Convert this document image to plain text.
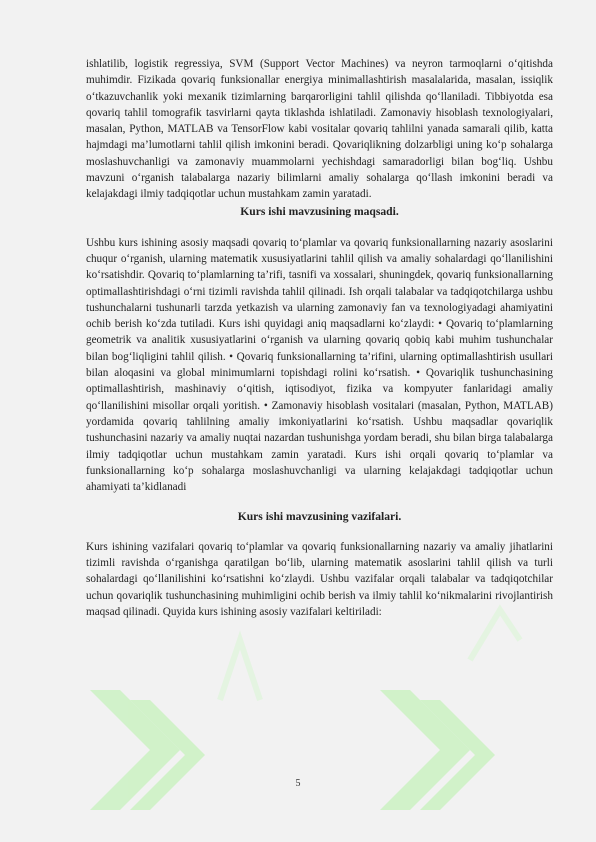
ishlatilib, logistik regressiya, SVM (Support Vector Machines) va neyron tarmoqlarni o‘qitishda muhimdir. Fizikada qovariq funksionallar energiya minimallashtirish masalalarida, masalan, issiqlik o‘tkazuvchanlik yoki mexanik tizimlarning barqarorligini tahlil qilishda qo‘llaniladi. Tibbiyotda esa qovariq tahlil tomografik tasvirlarni qayta tiklashda ishlatiladi. Zamonaviy hisoblash texnologiyalari, masalan, Python, MATLAB va TensorFlow kabi vositalar qovariq tahlilni yanada samarali qilib, katta hajmdagi ma’lumotlarni tahlil qilish imkonini beradi. Qovariqlikning dolzarbligi uning ko‘p sohalarga moslashuvchanligi va zamonaviy muammolarni yechishdagi samaradorligi bilan bog‘liq. Ushbu mavzuni o‘rganish talabalarga nazariy bilimlarni amaliy sohalarga qo‘llash imkonini beradi va kelajakdagi ilmiy tadqiqotlar uchun mustahkam zamin yaratadi.

Kurs ishi mavzusining maqsadi.

Ushbu kurs ishining asosiy maqsadi qovariq to‘plamlar va qovariq funksionallarning nazariy asoslarini chuqur o‘rganish, ularning matematik xususiyatlarini tahlil qilish va amaliy sohalardagi qo‘llanilishini ko‘rsatishdir. Qovariq to‘plamlarning ta’rifi, tasnifi va xossalari, shuningdek, qovariq funksionallarning optimallashtirishdagi o‘rni tizimli ravishda tahlil qilinadi. Ish orqali talabalar va tadqiqotchilarga ushbu tushunchalarni tushunarli tarzda yetkazish va ularning zamonaviy fan va texnologiyadagi ahamiyatini ochib berish ko‘zda tutiladi. Kurs ishi quyidagi aniq maqsadlarni ko‘zlaydi: • Qovariq to‘plamlarning geometrik va analitik xususiyatlarini o‘rganish va ularning qovariq qobiq kabi muhim tushunchalar bilan bog‘liqligini tahlil qilish. • Qovariq funksionallarning ta’rifini, ularning optimallashtirish usullari bilan aloqasini va global minimumlarni topishdagi rolini ko‘rsatish. • Qovariqlik tushunchasining optimallashtirish, mashinaviy o‘qitish, iqtisodiyot, fizika va kompyuter fanlaridagi amaliy qo‘llanilishini misollar orqali yoritish. • Zamonaviy hisoblash vositalari (masalan, Python, MATLAB) yordamida qovariq tahlilning amaliy imkoniyatlarini ko‘rsatish. Ushbu maqsadlar qovariqlik tushunchasini nazariy va amaliy nuqtai nazardan tushunishga yordam beradi, shu bilan birga talabalarga ilmiy tadqiqotlar uchun mustahkam zamin yaratadi. Kurs ishi orqali qovariq to‘plamlar va funksionallarning ko‘p sohalarga moslashuvchanligi va ularning kelajakdagi tadqiqotlar uchun ahamiyati ta’kidlanadi

Kurs ishi mavzusining vazifalari.

Kurs ishining vazifalari qovariq to‘plamlar va qovariq funksionallarning nazariy va amaliy jihatlarini tizimli ravishda o‘rganishga qaratilgan bo‘lib, ularning matematik asoslarini tahlil qilish va turli sohalardagi qo‘llanilishini ko‘rsatishni ko‘zlaydi. Ushbu vazifalar orqali talabalar va tadqiqotchilar uchun qovariqlik tushunchasining muhimligini ochib berish va ilmiy tahlil ko‘nikmalarini rivojlantirish maqsad qilinadi. Quyida kurs ishining asosiy vazifalari keltiriladi:

5
